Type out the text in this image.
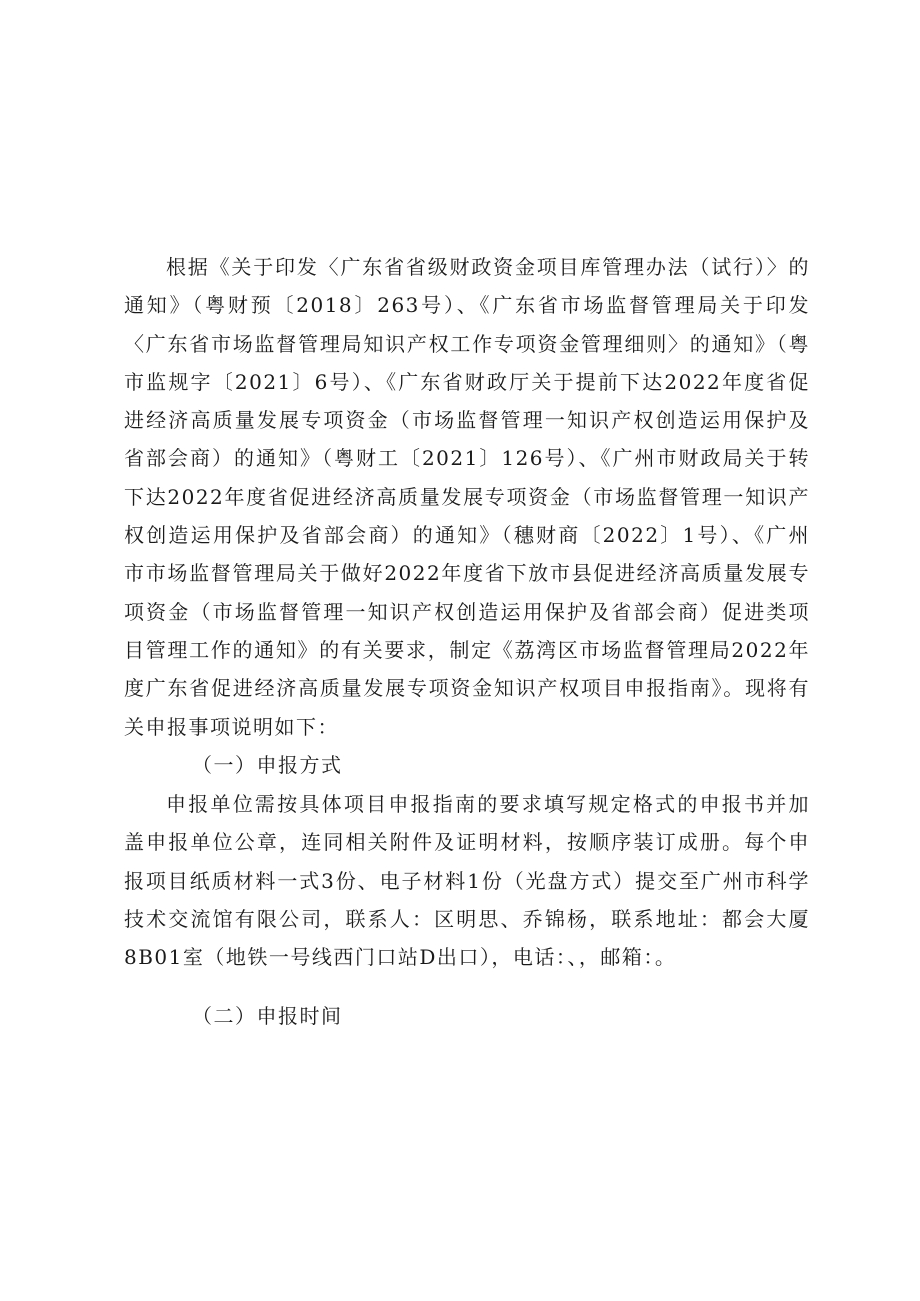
根据《关于印发〈广东省省级财政资金项目库管理办法（试行）〉的通知》（粤财预〔2018〕263号）、《广东省市场监督管理局关于印发〈广东省市场监督管理局知识产权工作专项资金管理细则〉的通知》（粤市监规字〔2021〕6号）、《广东省财政厅关于提前下达2022年度省促进经济高质量发展专项资金（市场监督管理一知识产权创造运用保护及省部会商）的通知》（粤财工〔2021〕126号）、《广州市财政局关于转下达2022年度省促进经济高质量发展专项资金（市场监督管理一知识产权创造运用保护及省部会商）的通知》（穗财商〔2022〕1号）、《广州市市场监督管理局关于做好2022年度省下放市县促进经济高质量发展专项资金（市场监督管理一知识产权创造运用保护及省部会商）促进类项目管理工作的通知》的有关要求，制定《荔湾区市场监督管理局2022年度广东省促进经济高质量发展专项资金知识产权项目申报指南》。现将有关申报事项说明如下：

（一）申报方式

申报单位需按具体项目申报指南的要求填写规定格式的申报书并加盖申报单位公章，连同相关附件及证明材料，按顺序装订成册。每个申报项目纸质材料一式3份、电子材料1份（光盘方式）提交至广州市科学技术交流馆有限公司，联系人：区明思、乔锦杨，联系地址：都会大厦8B01室（地铁一号线西门口站D出口），电话：、，邮箱：。

（二）申报时间
